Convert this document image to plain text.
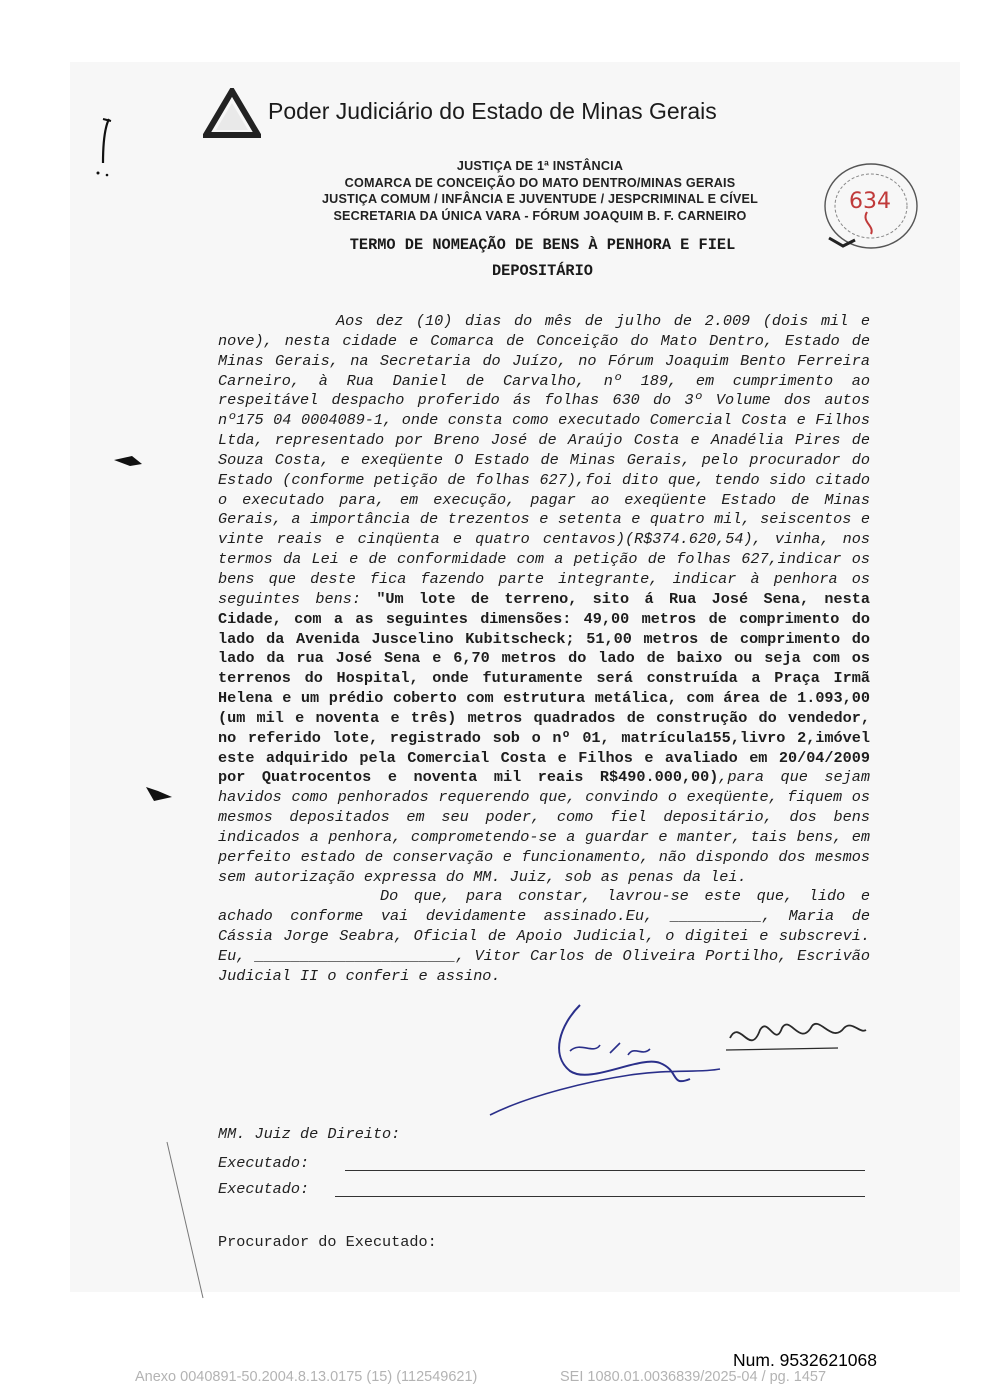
Poder Judiciário do Estado de Minas Gerais
JUSTIÇA DE 1ª INSTÂNCIA
COMARCA DE CONCEIÇÃO DO MATO DENTRO/MINAS GERAIS
JUSTIÇA COMUM / INFÂNCIA E JUVENTUDE / JESPCRIMINAL E CÍVEL
SECRETARIA DA ÚNICA VARA - FÓRUM JOAQUIM B. F. CARNEIRO
634
TERMO DE NOMEAÇÃO DE BENS À PENHORA E FIEL
DEPOSITÁRIO

Aos dez (10) dias do mês de julho de 2.009 (dois mil e nove), nesta cidade e Comarca de Conceição do Mato Dentro, Estado de Minas Gerais, na Secretaria do Juízo, no Fórum Joaquim Bento Ferreira Carneiro, à Rua Daniel de Carvalho, nº 189, em cumprimento ao respeitável despacho proferido ás folhas 630 do 3º Volume dos autos nº175 04 0004089-1, onde consta como executado Comercial Costa e Filhos Ltda, representado por Breno José de Araújo Costa e Anadélia Pires de Souza Costa, e exeqüente O Estado de Minas Gerais, pelo procurador do Estado (conforme petição de folhas 627),foi dito que, tendo sido citado o executado para, em execução, pagar ao exeqüente Estado de Minas Gerais, a importância de trezentos e setenta e quatro mil, seiscentos e vinte reais e cinqüenta e quatro centavos)(R$374.620,54), vinha, nos termos da Lei e de conformidade com a petição de folhas 627,indicar os bens que deste fica fazendo parte integrante, indicar à penhora os seguintes bens: "Um lote de terreno, sito á Rua José Sena, nesta Cidade, com a as seguintes dimensões: 49,00 metros de comprimento do lado da Avenida Juscelino Kubitscheck; 51,00 metros de comprimento do lado da rua José Sena e 6,70 metros do lado de baixo ou seja com os terrenos do Hospital, onde futuramente será construída a Praça Irmã Helena e um prédio coberto com estrutura metálica, com área de 1.093,00 (um mil e noventa e três) metros quadrados de construção do vendedor, no referido lote, registrado sob o nº 01, matrícula155,livro 2,imóvel este adquirido pela Comercial Costa e Filhos e avaliado em 20/04/2009 por Quatrocentos e noventa mil reais R$490.000,00),para que sejam havidos como penhorados requerendo que, convindo o exeqüente, fiquem os mesmos depositados em seu poder, como fiel depositário, dos bens indicados a penhora, comprometendo-se a guardar e manter, tais bens, em perfeito estado de conservação e funcionamento, não dispondo dos mesmos sem autorização expressa do MM. Juiz, sob as penas da lei.

Do que, para constar, lavrou-se este que, lido e achado conforme vai devidamente assinado.Eu, __________, Maria de Cássia Jorge Seabra, Oficial de Apoio Judicial, o digitei e subscrevi. Eu, ______________________, Vitor Carlos de Oliveira Portilho, Escrivão Judicial II o conferi e assino.

MM. Juiz de Direito:
Executado:
Executado:
Procurador do Executado:
Num. 9532621068
Anexo 0040891-50.2004.8.13.0175 (15) (112549621)	SEI 1080.01.0036839/2025-04 / pg. 1457
